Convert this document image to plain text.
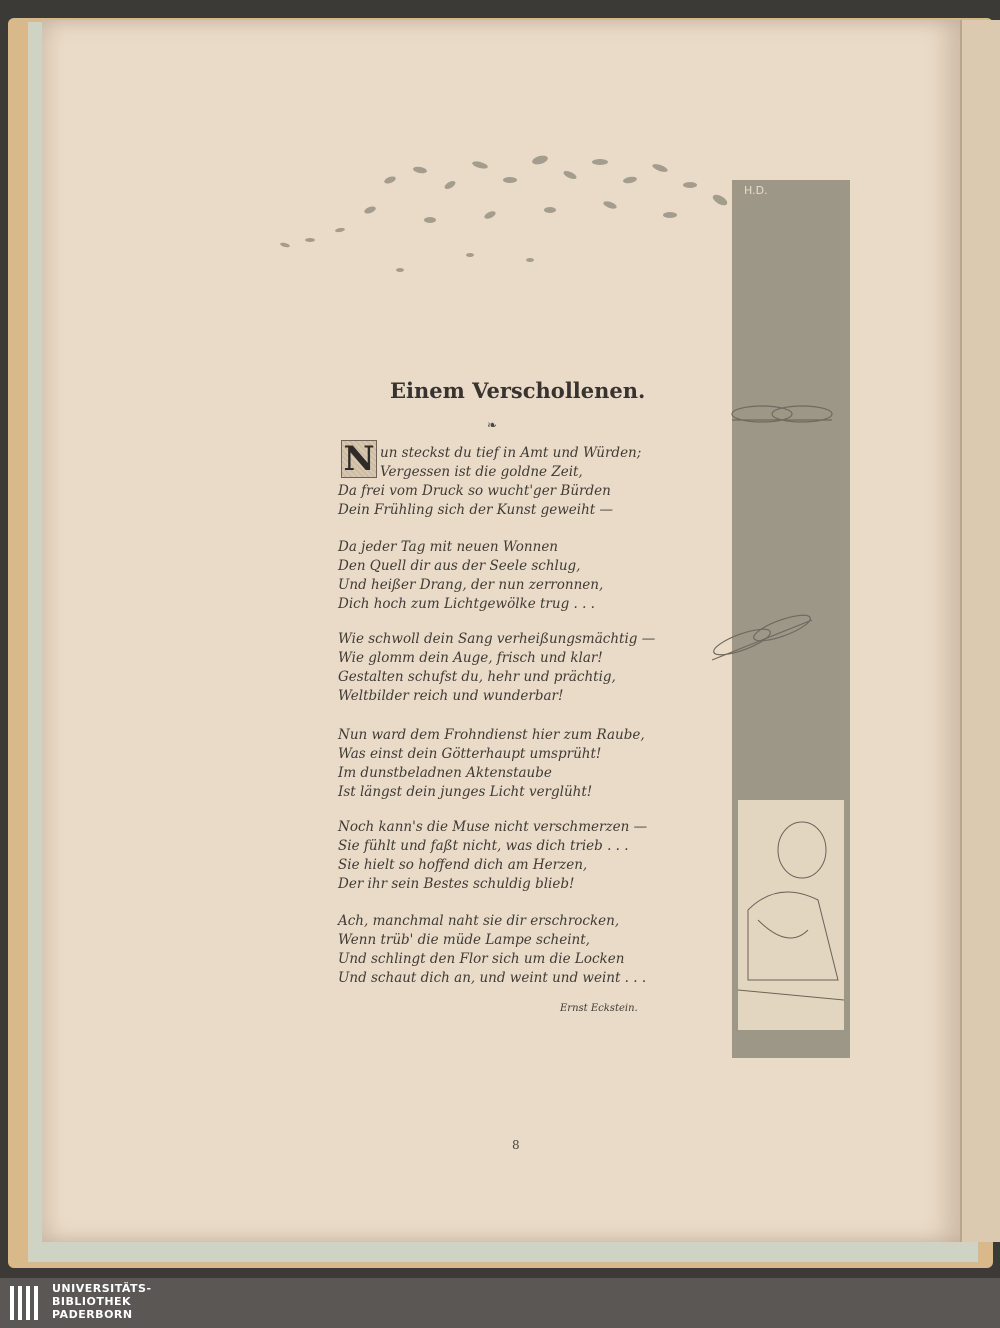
H.D.
Einem Verschollenen.
❧
N un steckst du tief in Amt und Würden;
Vergessen ist die goldne Zeit,
Da frei vom Druck so wucht'ger Bürden
Dein Frühling sich der Kunst geweiht —
Da jeder Tag mit neuen Wonnen
Den Quell dir aus der Seele schlug,
Und heißer Drang, der nun zerronnen,
Dich hoch zum Lichtgewölke trug . . .
Wie schwoll dein Sang verheißungsmächtig —
Wie glomm dein Auge, frisch und klar!
Gestalten schufst du, hehr und prächtig,
Weltbilder reich und wunderbar!
Nun ward dem Frohndienst hier zum Raube,
Was einst dein Götterhaupt umsprüht!
Im dunstbeladnen Aktenstaube
Ist längst dein junges Licht verglüht!
Noch kann's die Muse nicht verschmerzen —
Sie fühlt und faßt nicht, was dich trieb . . .
Sie hielt so hoffend dich am Herzen,
Der ihr sein Bestes schuldig blieb!
Ach, manchmal naht sie dir erschrocken,
Wenn trüb' die müde Lampe scheint,
Und schlingt den Flor sich um die Locken
Und schaut dich an, und weint und weint . . .
Ernst Eckstein.
8
UNIVERSITÄTS-
BIBLIOTHEK
PADERBORN
